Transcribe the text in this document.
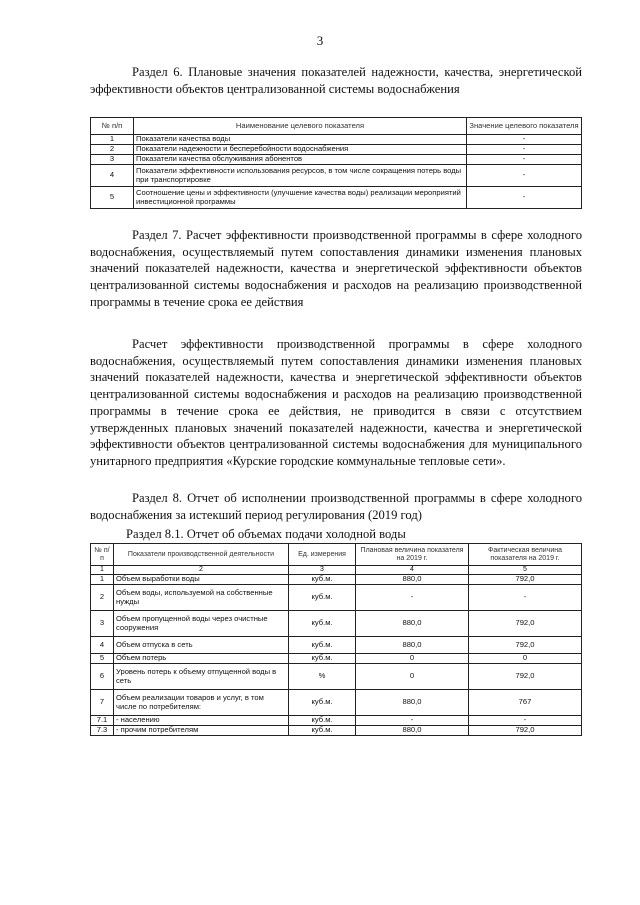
3
Раздел 6. Плановые значения показателей надежности, качества, энергетической эффективности объектов централизованной системы водоснабжения
№ п/п	Наименование целевого показателя	Значение целевого показателя
1	Показатели качества воды	-
2	Показатели надежности и бесперебойности водоснабжения	-
3	Показатели качества обслуживания абонентов	-
4	Показатели эффективности использования ресурсов, в том числе сокращения потерь воды при транспортировке	-
5	Соотношение цены и эффективности (улучшение качества воды) реализации мероприятий инвестиционной программы	-
Раздел 7. Расчет эффективности производственной программы в сфере холодного водоснабжения, осуществляемый путем сопоставления динамики изменения плановых значений показателей надежности, качества и энергетической эффективности объектов централизованной системы водоснабжения и расходов на реализацию производственной программы в течение срока ее действия
Расчет эффективности производственной программы в сфере холодного водоснабжения, осуществляемый путем сопоставления динамики изменения плановых значений показателей надежности, качества и энергетической эффективности объектов централизованной системы водоснабжения и расходов на реализацию производственной программы в течение срока ее действия, не приводится в связи с отсутствием утвержденных плановых значений показателей надежности, качества и энергетической эффективности объектов централизованной системы водоснабжения для муниципального унитарного предприятия «Курские городские коммунальные тепловые сети».
Раздел 8. Отчет об исполнении производственной программы в сфере холодного водоснабжения за истекший период регулирования (2019 год)
Раздел 8.1. Отчет об объемах подачи холодной воды
№ п/п	Показатели производственной деятельности	Ед. измерения	Плановая величина показателя на 2019 г.	Фактическая величина показателя на 2019 г.
1	2	3	4	5
1	Объем выработки воды	куб.м.	880,0	792,0
2	Объем воды, используемой на собственные нужды	куб.м.	-	-
3	Объем пропущенной воды через очистные сооружения	куб.м.	880,0	792,0
4	Объем отпуска в сеть	куб.м.	880,0	792,0
5	Объем потерь	куб.м.	0	0
6	Уровень потерь к объему отпущенной воды в сеть	%	0	792,0
7	Объем реализации товаров и услуг, в том числе по потребителям:	куб.м.	880,0	767
7.1	- населению	куб.м.	-	-
7.3	- прочим потребителям	куб.м.	880,0	792,0
